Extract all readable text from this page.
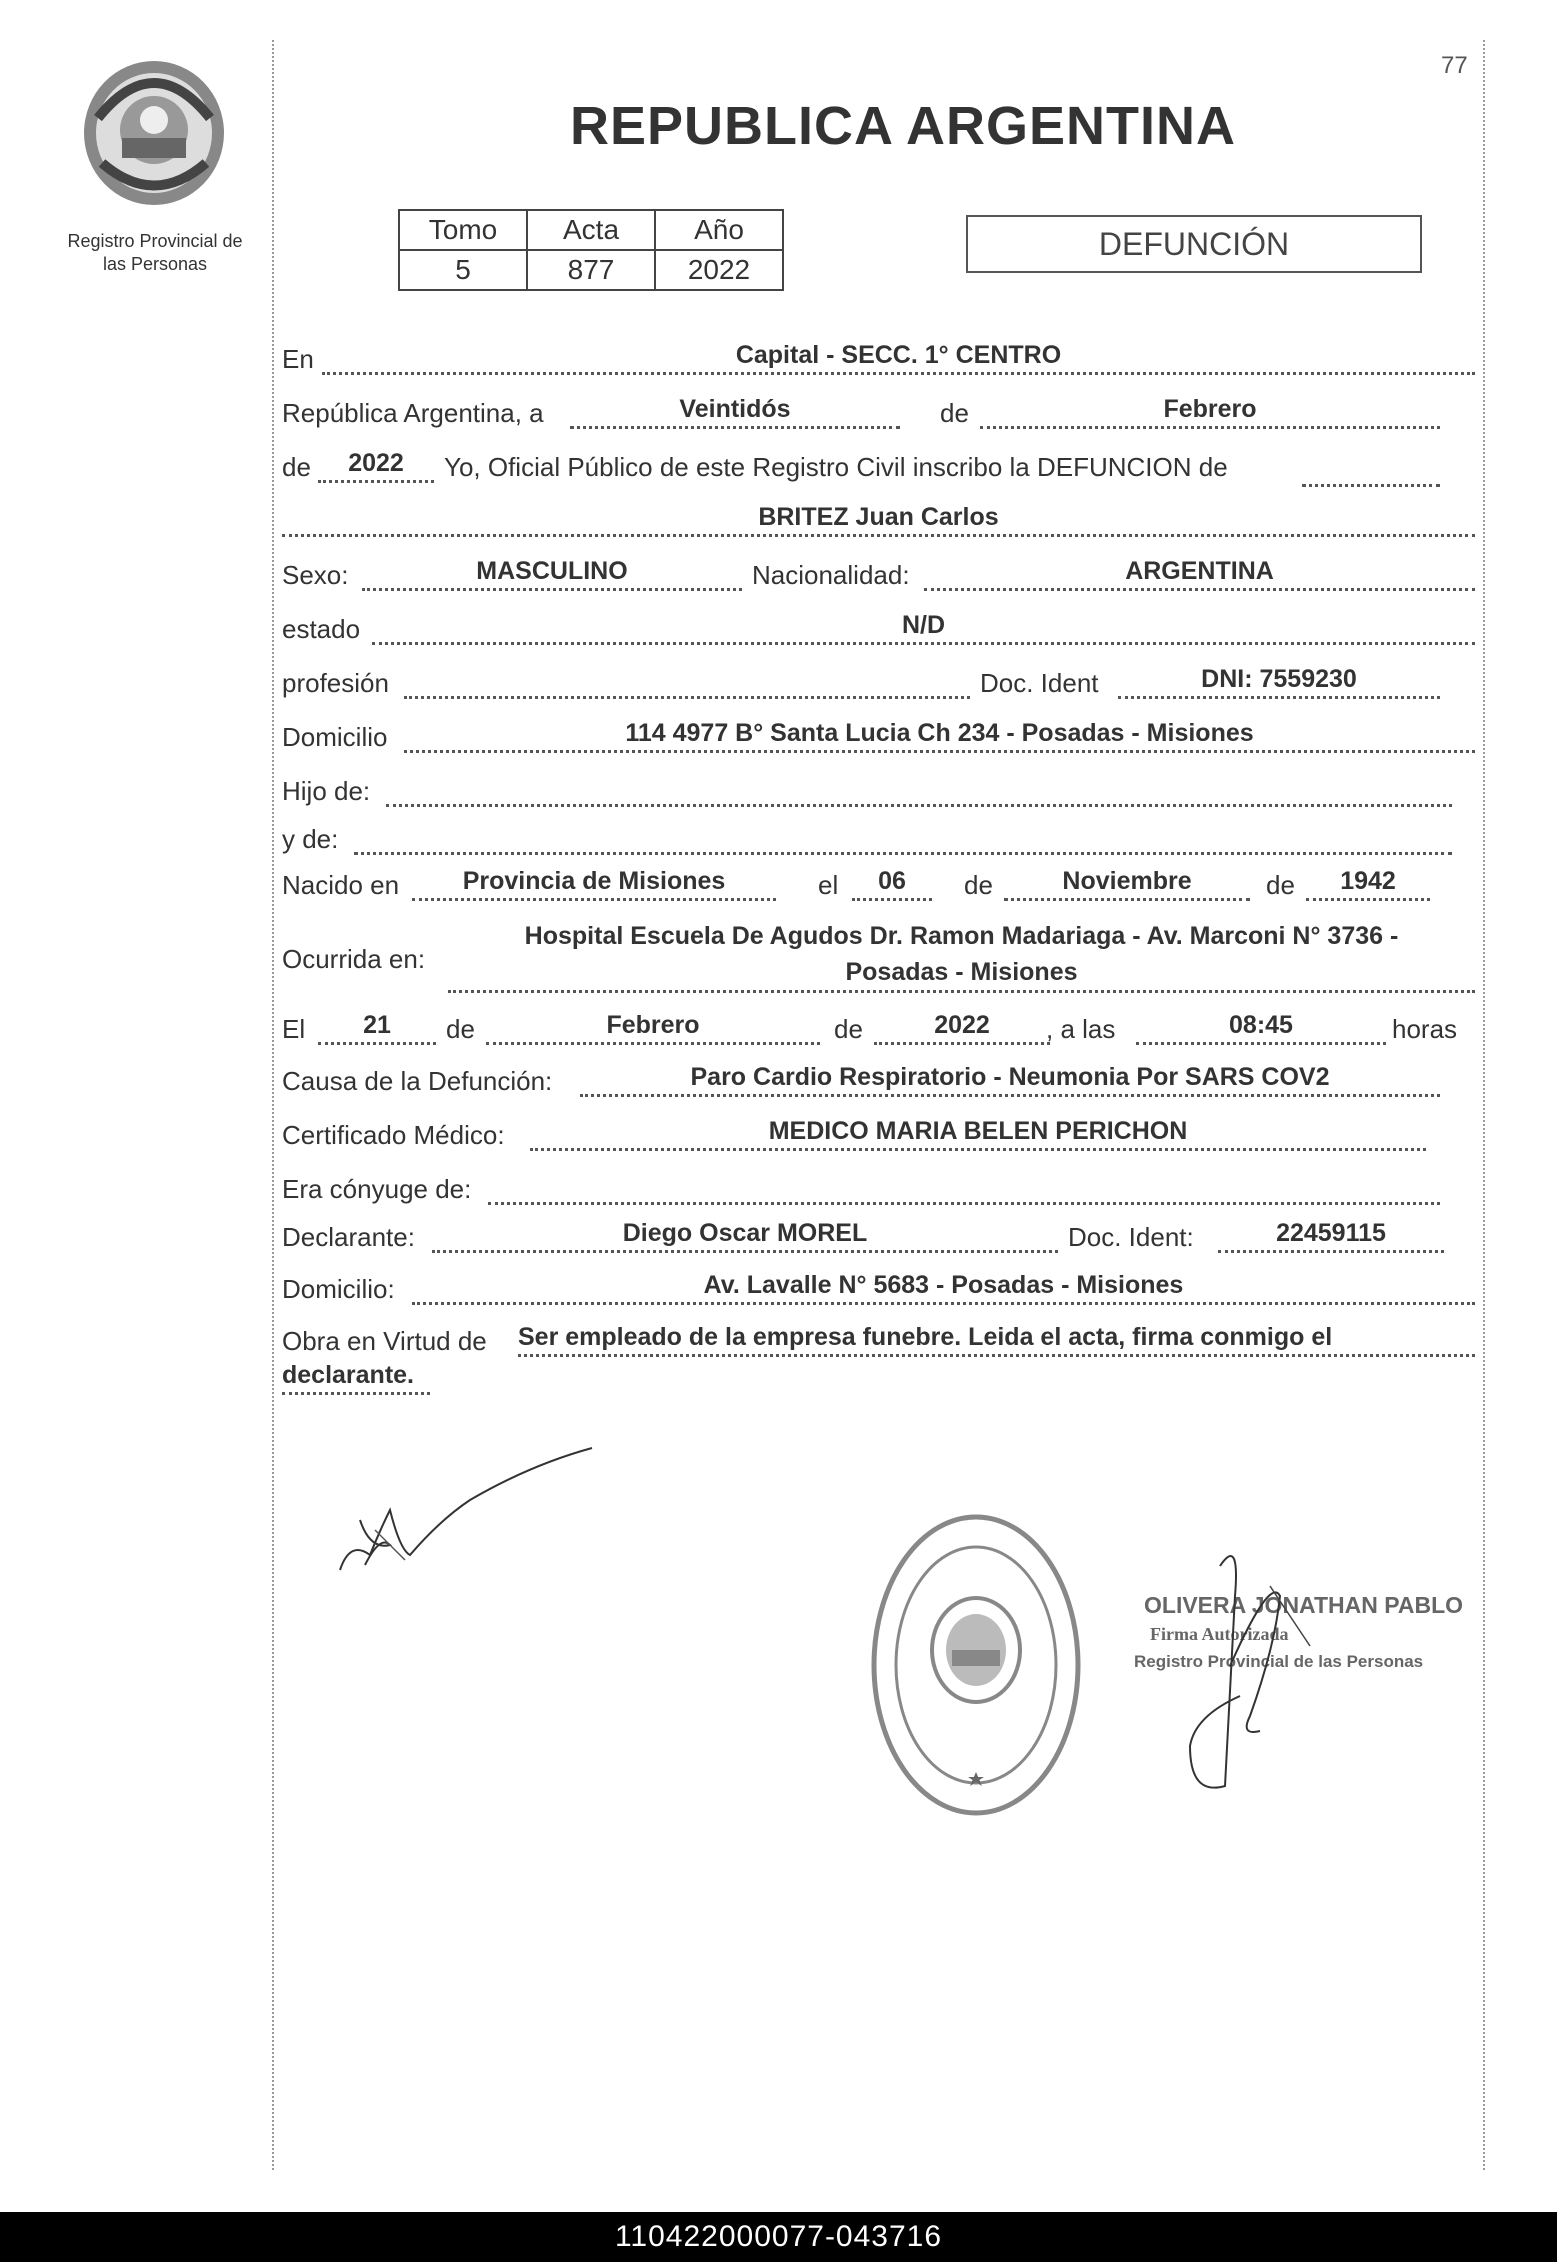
77
Registro Provincial de
las Personas
REPUBLICA ARGENTINA
Tomo	Acta	Año
5	877	2022
DEFUNCIÓN
En	Capital - SECC. 1° CENTRO
República Argentina, a	Veintidós	de	Febrero
de	2022	Yo, Oficial Público de este Registro Civil inscribo la DEFUNCION de
BRITEZ Juan Carlos
Sexo:	MASCULINO	Nacionalidad:	ARGENTINA
estado	N/D
profesión	Doc. Ident	DNI: 7559230
Domicilio	114 4977 B° Santa Lucia Ch 234 - Posadas - Misiones
Hijo de:
y de:
Nacido en	Provincia de Misiones	el	06	de	Noviembre	de	1942
Ocurrida en:
Hospital Escuela De Agudos Dr. Ramon Madariaga - Av. Marconi N° 3736 -
Posadas - Misiones
El	21	de	Febrero	de	2022	, a las	08:45	horas
Causa de la Defunción:	Paro Cardio Respiratorio - Neumonia Por SARS COV2
Certificado Médico:	MEDICO MARIA BELEN PERICHON
Era cónyuge de:
Declarante:	Diego Oscar MOREL	Doc. Ident:	22459115
Domicilio:	Av. Lavalle N° 5683 - Posadas - Misiones
Obra en Virtud de Ser empleado de la empresa funebre. Leida el acta, firma conmigo el
declarante.
OLIVERA JONATHAN PABLO
Firma Autorizada
Registro Provincial de las Personas
110422000077-043716
